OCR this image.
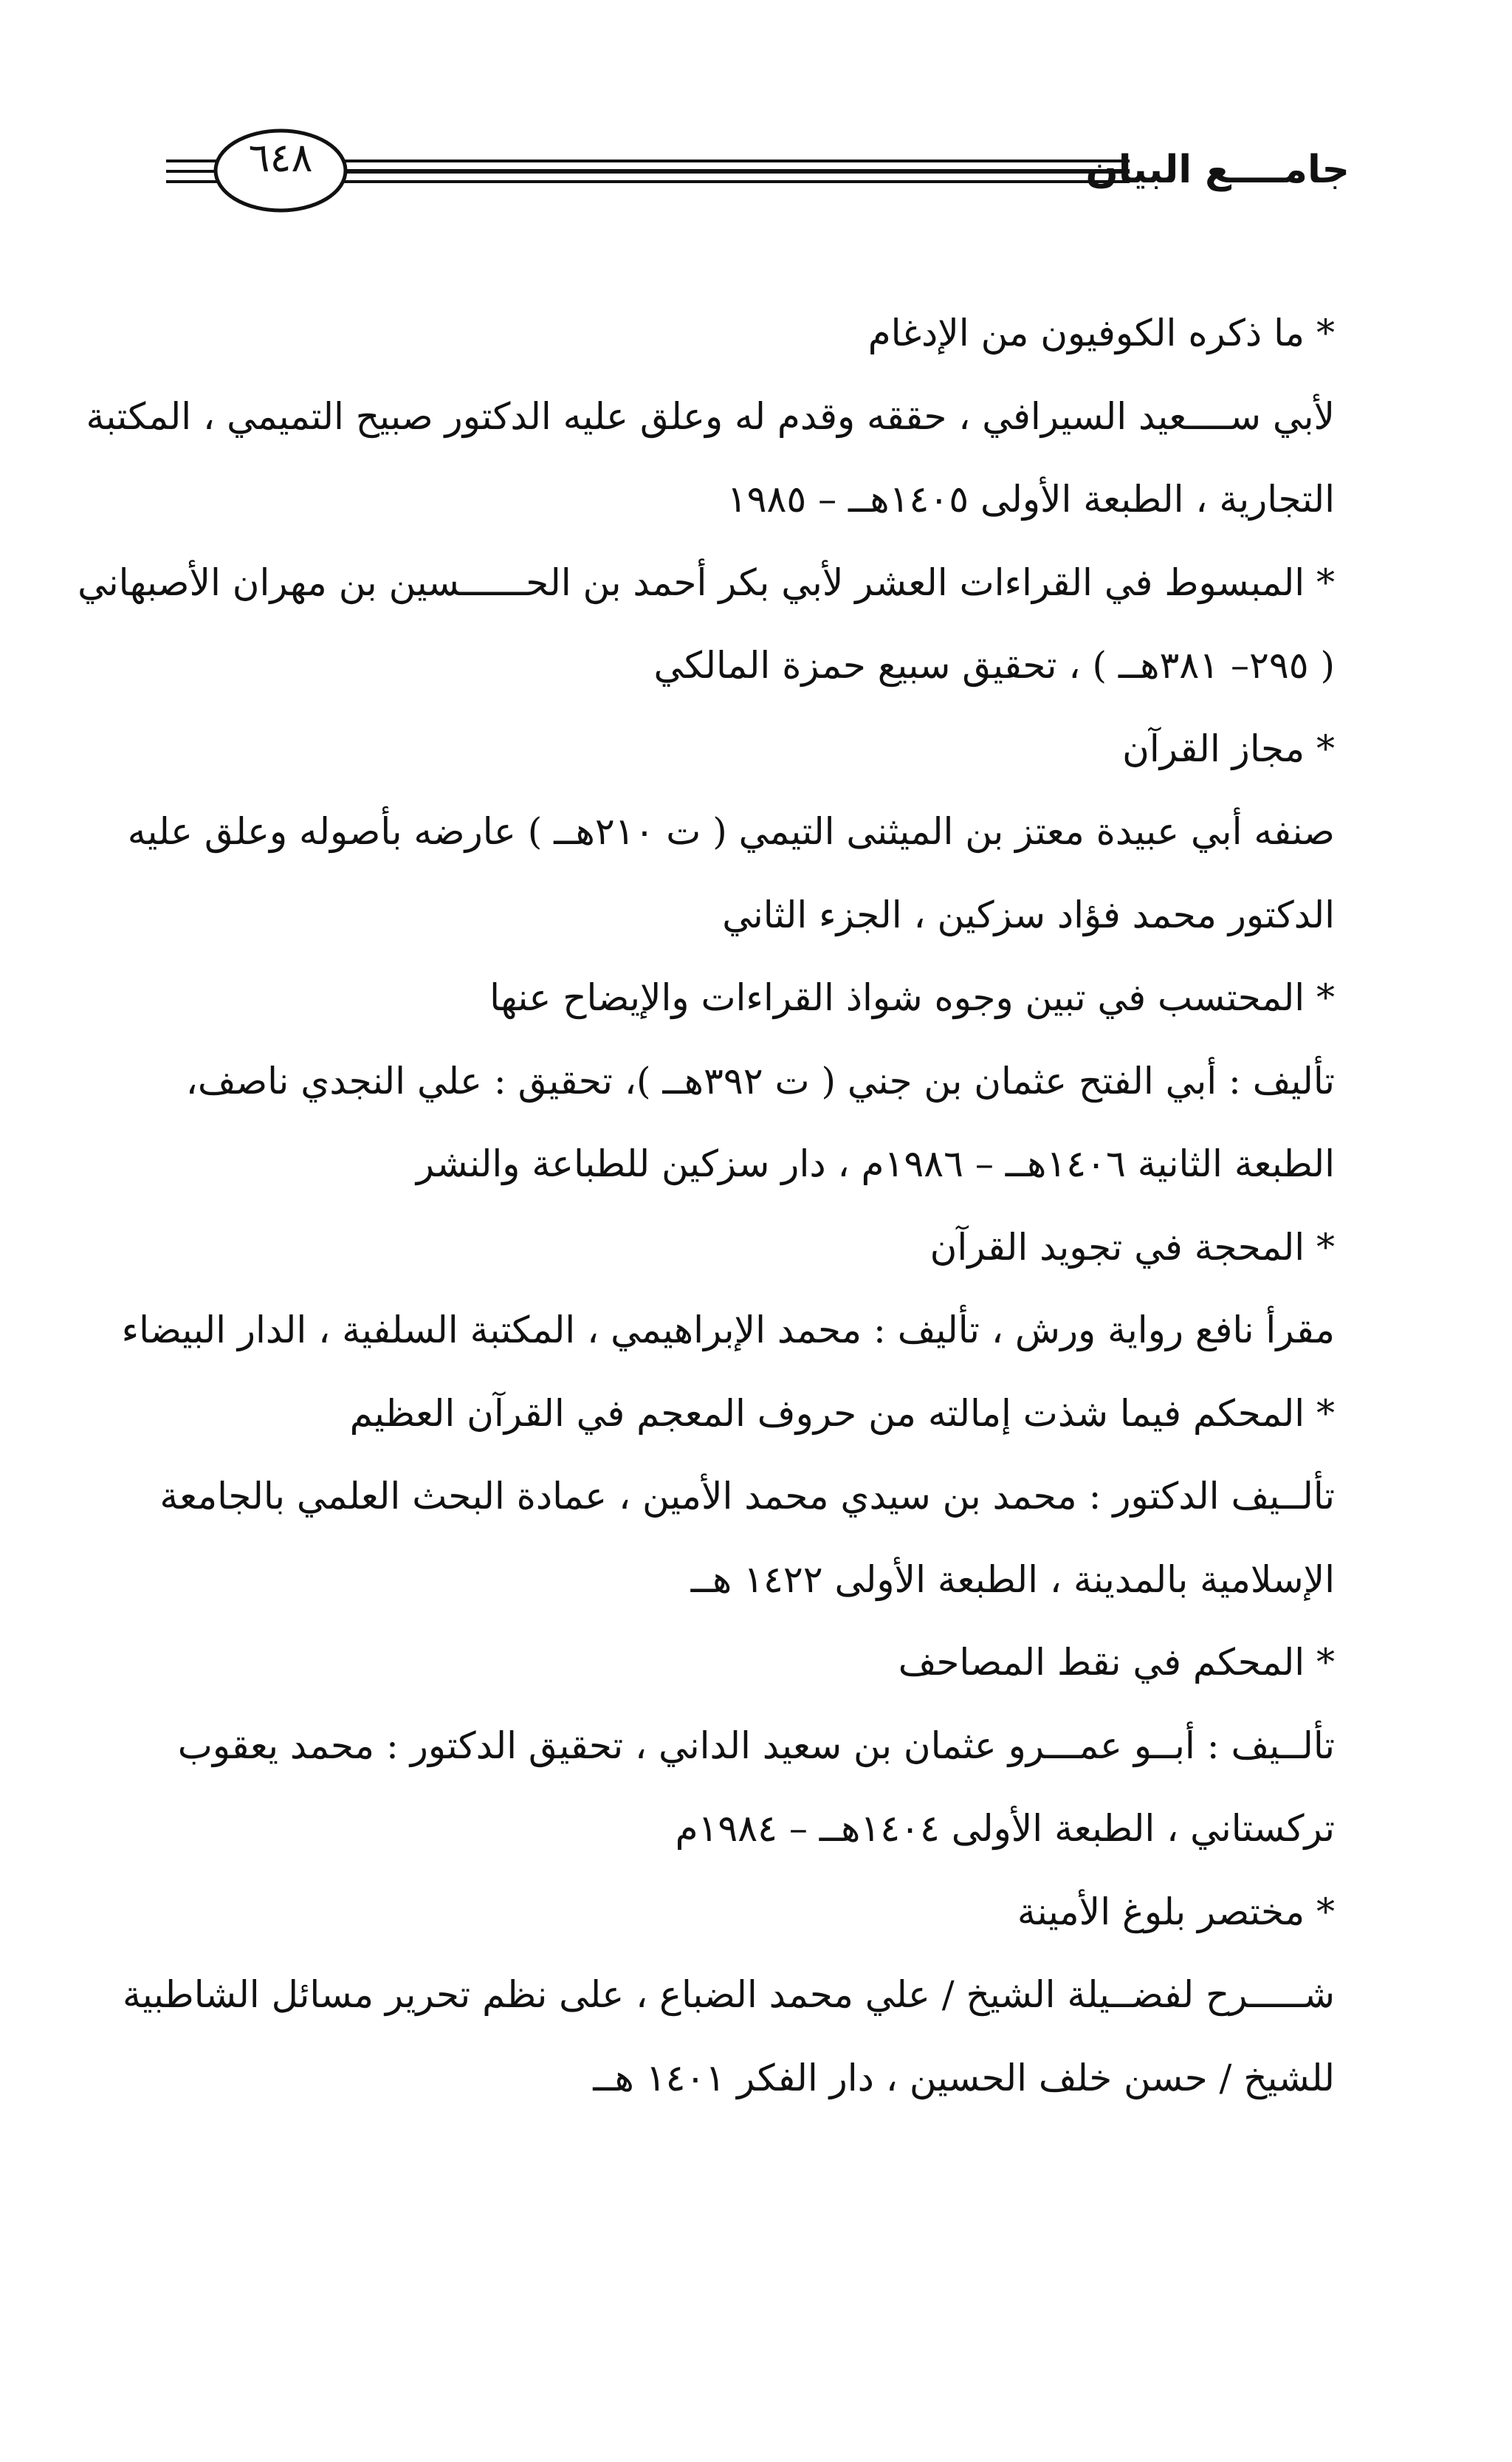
جامــــع البيان
٦٤٨
* ما ذكره الكوفيون من الإدغام
لأبي ســــعيد السيرافي ، حققه وقدم له وعلق عليه الدكتور صبيح التميمي ، المكتبة
التجارية ، الطبعة الأولى ١٤٠٥هــ – ١٩٨٥
* المبسوط في القراءات العشر لأبي بكر أحمد بن الحــــــسين بن مهران الأصبهاني
( ٢٩٥– ٣٨١هــ ) ، تحقيق سبيع حمزة المالكي
* مجاز القرآن
صنفه أبي عبيدة معتز بن الميثنى التيمي ( ت ٢١٠هــ ) عارضه بأصوله وعلق عليه
الدكتور محمد فؤاد سزكين ، الجزء الثاني
* المحتسب في تبين وجوه شواذ القراءات والإيضاح عنها
تأليف : أبي الفتح عثمان بن جني ( ت ٣٩٢هــ )، تحقيق : علي النجدي ناصف،
الطبعة الثانية ١٤٠٦هــ – ١٩٨٦م ، دار سزكين للطباعة والنشر
* المحجة في تجويد القرآن
مقرأ نافع رواية ورش ، تأليف : محمد الإبراهيمي ، المكتبة السلفية ، الدار البيضاء
* المحكم فيما شذت إمالته من حروف المعجم في القرآن العظيم
تألــيف الدكتور : محمد بن سيدي محمد الأمين ، عمادة البحث العلمي بالجامعة
الإسلامية بالمدينة ، الطبعة الأولى ١٤٢٢ هــ
* المحكم في نقط المصاحف
تألــيف : أبــو عمـــرو عثمان بن سعيد الداني ، تحقيق الدكتور : محمد يعقوب
تركستاني ، الطبعة الأولى ١٤٠٤هــ – ١٩٨٤م
* مختصر بلوغ الأمينة
شـــــرح لفضــيلة الشيخ / علي محمد الضباع ، على نظم تحرير مسائل الشاطبية
للشيخ / حسن خلف الحسين ، دار الفكر ١٤٠١ هــ
